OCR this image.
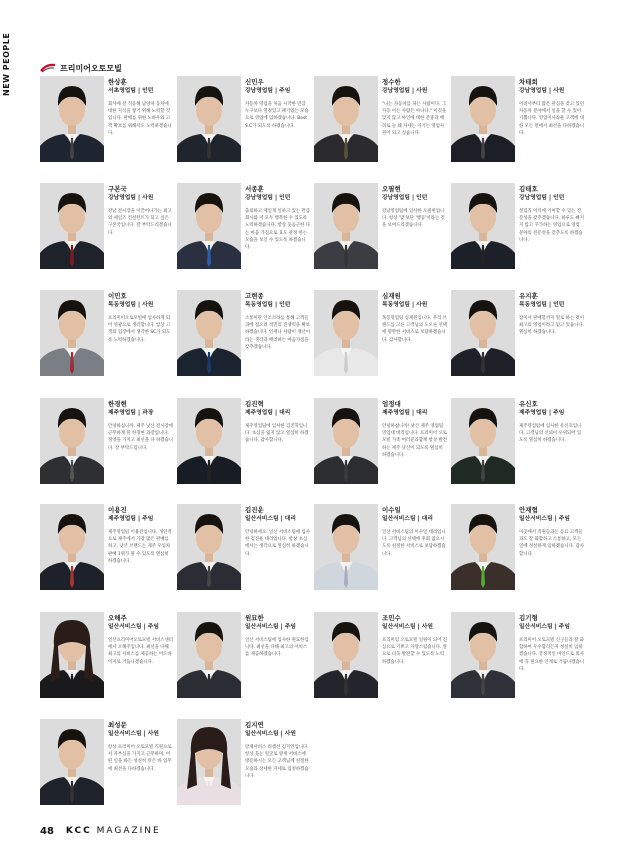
NEW PEOPLE	프리미어오토모빌
한상훈
서초영업팀 | 인턴
회사에 잘 적응해 남양차 동차에 대한 지식을 쌓기 위해 노력할 것입니다. 판매를 위한 노하우와 고객 확보를 위해서도 노력하겠습니다.
신민우
강남영업팀 | 주임
자동차 영업을 처음 시작한 만큼 누구보다 열정있고 패기있는 모습으로 영업에 임하겠습니다. Best S.C가 되도록 하겠습니다.
정수한
강남영업팀 | 사원
"나는 자동차를 파는 사람이다. 그 자동 어는 사람은 아니다." 이것을 잊지 않고 마인에 대한 존중과 배려로 늘 왜 자세는 자기는 영업사원이 되고 싶습니다.
차태희
강남영업팀 | 사원
어려서부터 많은 관심을 갖고 있던 자동차 분야에서 일을 할 수 있어 기쁩니다. 영업이사라운 고객에 대한 모든 면에서 최선을 다하겠습니다.
구본국
강남영업팀 | 사원
강남 전시장을 이끌어나가는 최고의 세일즈 컨설턴트가 되고 싶은 구본국입니다. 잘 부탁드리겠습니다.
서종훈
강남영업팀 | 인턴
출퇴하고 제일게 일하고 있는 만큼 회사와 저 모두 행복한 수 있도록 노력하겠습니다. 항상 웃음근한 다는 마음 가짐으로 효도 관정 한는 모습을 보일 수 있도록 하겠습니다.
오필현
강남영업팀 | 인턴
강남영업팀에 입사한 오필현입니다. 항상 '맞'보단 '행동'이라는 것을 보여드리겠습니다.
김태호
강남영업팀 | 인턴
설립직 이익에 기여할 수 있는 진문성을 갖추겠습니다. 하루도 빠지지 않고 꾸가하는 영업으로 영업 분야의 전문성을 갖추도록 하겠습니다.
이민호
목동영업팀 | 사원
프리미어오토모빌에 입사하게 되어 영광으로 생각합니다. 항상 고객의 입장에서 생각한 SC가 되도록 노력하겠습니다.
고현종
목동영업팀 | 인턴
소통이란 언조코라를 통해 고객들과에 접요려 적민의 진쟁력을 확보하겠습니다. 인재나 사람이 재산이라는 생각과 배려하는 마음가짐을 갖추겠습니다.
심재원
목동영업팀 | 사원
목동영업팀 심재원입니다. 우리 브랜드를 고른 고객님의 도오른 선택에 명완한 서비스로 보답하겠습니다. 감사합니다.
유지훈
목동영업팀 | 인턴
잠이서 판매할까지 열로 하는 것이 최고의 영업이라고 믿고 있습니다. 열심히 하겠습니다.
한경현
제주영업팀 | 과장
안녕하십니까. 제주 낫산 전시장에 근무하게 된 한경현 과장입니다. 정영을 가지고 최선을 다 하겠습니다. 잘 부탁드립니다.
김진혁
제주영업팀 | 대리
제주영업팀에 입사한 김진혁입니다. 초심을 잃지 않고 열심히 하겠습니다. 감사합니다.
엄정대
제주영업팀 | 대리
안녕하십니까! 낫산 제주 영업팀 영업대 대리입니다. 프리미어 오토모빌 가족 여러분과함께 항상 발전하는 제주 낫산이 되도록 열심히 하겠습니다.
유신호
제주영업팀 | 주임
제주영업팀에 입사한 유신호입니다. 고객님의 신뢰이 우위되어 있도록 열심히 하겠습니다.
이용진
제주영업팀 | 주임
제주영업팀 이용진입니다. 개인적으로 제주에서 가장 많은 판매를 하고, 낫산 브랜드는 제주 우입차 판매 1위가 될 수 있도록 열심히 하겠습니다.
김진운
일산서비스팀 | 대리
안녕하세요. 일산 서비스팀에 입사한 김진운 대리입니다. 항상 초심에서는 생각으로 열심히 하겠습니다.
이수일
일산서비스팀 | 대리
일산 서비스팀의 이수일 대리입니다. 고객님의 선택에 후회 없으시도록 친절한 서비스로 보답하겠습니다.
안재협
일산서비스팀 | 주임
이곳에서 직원들과는 동료 고객들과도 잘 화합하고 소통하고, 모든 일에 성실하게 임하겠습니다. 감사합니다.
오해주
일산서비스팀 | 주임
일산프리미어오토모빌 서비스센터에서 오해주입니다. 최선을 다해 최고의 서비스를 제공하는 어드바이저로 거듭나겠습니다.
원묘한
일산서비스팀 | 주임
일산 서비스팀에 입사한 원묘한입니다. 최선을 다해 최고의 서비스를 제공하겠습니다.
조민수
일산서비스팀 | 사원
프리미엄 오토모빌 일원이 되어 진심으로 기쁘고 자랑스럽습니다. 앞으로 더욱 발전할 수 있도록 노력하겠습니다.
김기형
일산서비스팀 | 주임
프리미어 오토모빌 신구들과 잘 화합하여 우수함리든지 성실히 임하겠습니다. 궁정적인 마인드로 회사에 꼭 필요한 인재로 거듭나겠습니다.
최성문
일산서비스팀 | 사원
항상 프리미어 오토모빌 직원으로서 자부심을 가지고 근무하며, 어떤 일을 하든 성실히 맡은 바 업무에 최선을 다하겠습니다.
김지연
일산서비스팀 | 사원
앙재서비스 리셉션 김지연입니다.항상 웃는 얼굴로 양재 서비스에 방문하시는 모든 고객님께 친절한 모습과 상세한 자세로 임성하겠습니다.
48 KCC MAGAZINE
